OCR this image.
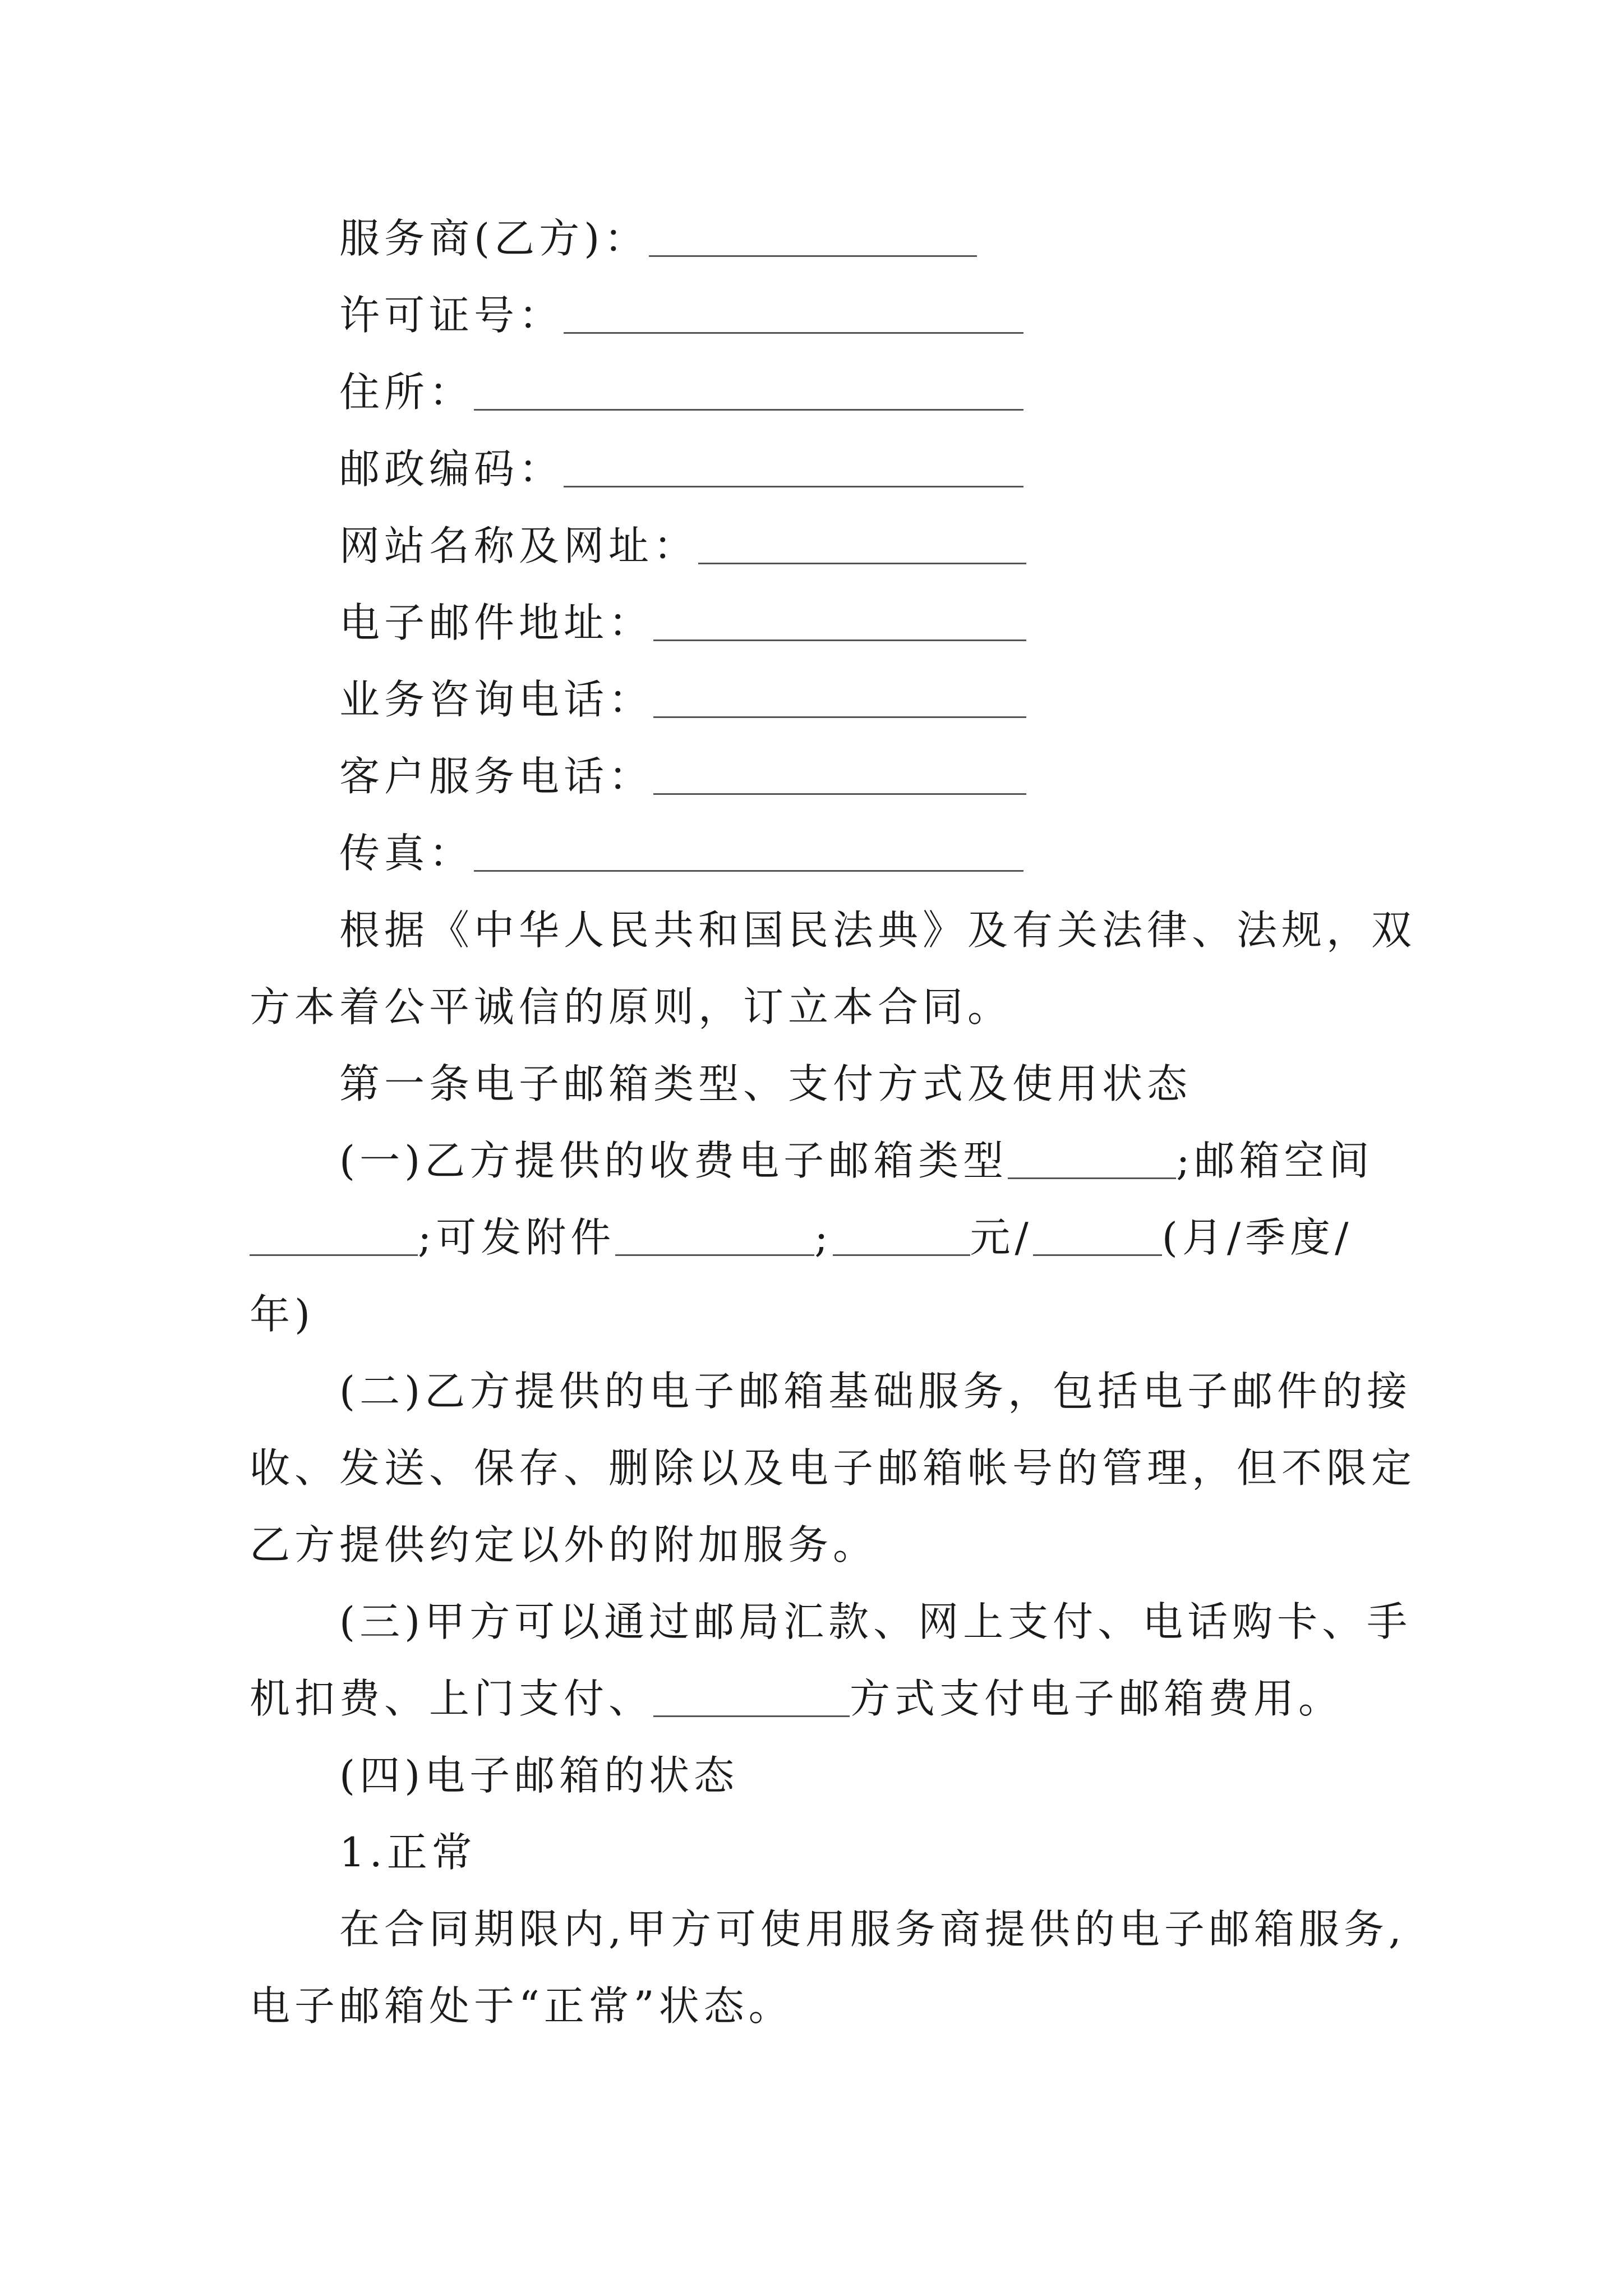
服务商(乙方)：
许可证号：
住所：
邮政编码：
网站名称及网址：
电子邮件地址：
业务咨询电话：
客户服务电话：
传真：
根据《中华人民共和国民法典》及有关法律、法规，双
方本着公平诚信的原则，订立本合同。
第一条电子邮箱类型、支付方式及使用状态
(一)乙方提供的收费电子邮箱类型	;邮箱空间
;可发附件	;	元/	(月/季度/
年)
(二)乙方提供的电子邮箱基础服务，包括电子邮件的接
收、发送、保存、删除以及电子邮箱帐号的管理，但不限定
乙方提供约定以外的附加服务。
(三)甲方可以通过邮局汇款、网上支付、电话购卡、手
机扣费、上门支付、	方式支付电子邮箱费用。
(四)电子邮箱的状态
1.正常
在合同期限内,甲方可使用服务商提供的电子邮箱服务,
电子邮箱处于“正常”状态。
